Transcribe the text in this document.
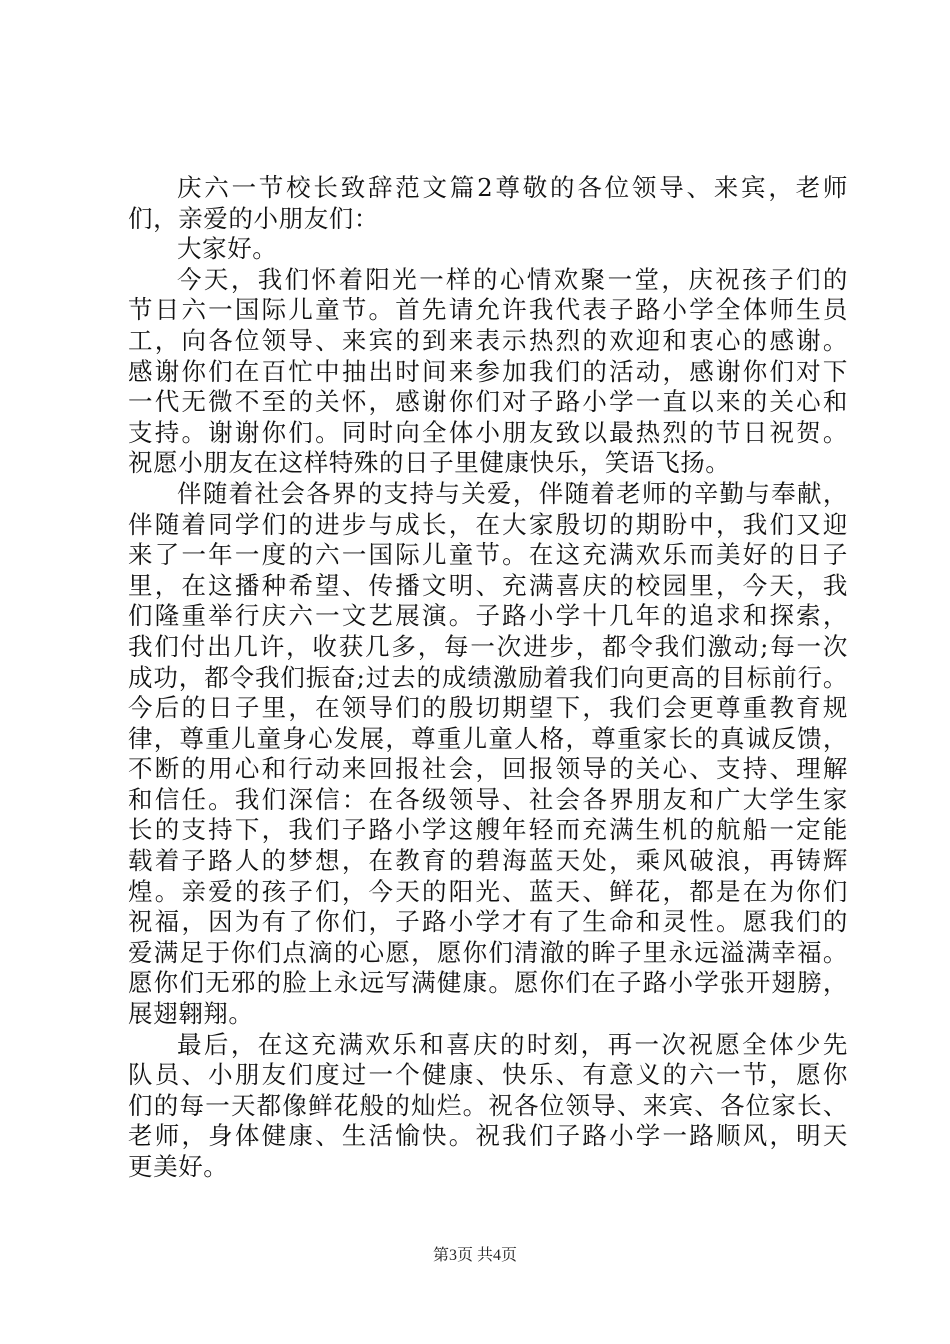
庆六一节校长致辞范文篇2尊敬的各位领导、来宾，老师
们，亲爱的小朋友们：
大家好。
今天，我们怀着阳光一样的心情欢聚一堂，庆祝孩子们的
节日六一国际儿童节。首先请允许我代表子路小学全体师生员
工，向各位领导、来宾的到来表示热烈的欢迎和衷心的感谢。
感谢你们在百忙中抽出时间来参加我们的活动，感谢你们对下
一代无微不至的关怀，感谢你们对子路小学一直以来的关心和
支持。谢谢你们。同时向全体小朋友致以最热烈的节日祝贺。
祝愿小朋友在这样特殊的日子里健康快乐，笑语飞扬。
伴随着社会各界的支持与关爱，伴随着老师的辛勤与奉献，
伴随着同学们的进步与成长，在大家殷切的期盼中，我们又迎
来了一年一度的六一国际儿童节。在这充满欢乐而美好的日子
里，在这播种希望、传播文明、充满喜庆的校园里，今天，我
们隆重举行庆六一文艺展演。子路小学十几年的追求和探索，
我们付出几许，收获几多，每一次进步，都令我们激动;每一次
成功，都令我们振奋;过去的成绩激励着我们向更高的目标前行。
今后的日子里，在领导们的殷切期望下，我们会更尊重教育规
律，尊重儿童身心发展，尊重儿童人格，尊重家长的真诚反馈，
不断的用心和行动来回报社会，回报领导的关心、支持、理解
和信任。我们深信：在各级领导、社会各界朋友和广大学生家
长的支持下，我们子路小学这艘年轻而充满生机的航船一定能
载着子路人的梦想，在教育的碧海蓝天处，乘风破浪，再铸辉
煌。亲爱的孩子们，今天的阳光、蓝天、鲜花，都是在为你们
祝福，因为有了你们，子路小学才有了生命和灵性。愿我们的
爱满足于你们点滴的心愿，愿你们清澈的眸子里永远溢满幸福。
愿你们无邪的脸上永远写满健康。愿你们在子路小学张开翅膀，
展翅翱翔。
最后，在这充满欢乐和喜庆的时刻，再一次祝愿全体少先
队员、小朋友们度过一个健康、快乐、有意义的六一节，愿你
们的每一天都像鲜花般的灿烂。祝各位领导、来宾、各位家长、
老师，身体健康、生活愉快。祝我们子路小学一路顺风，明天
更美好。
第3页 共4页
